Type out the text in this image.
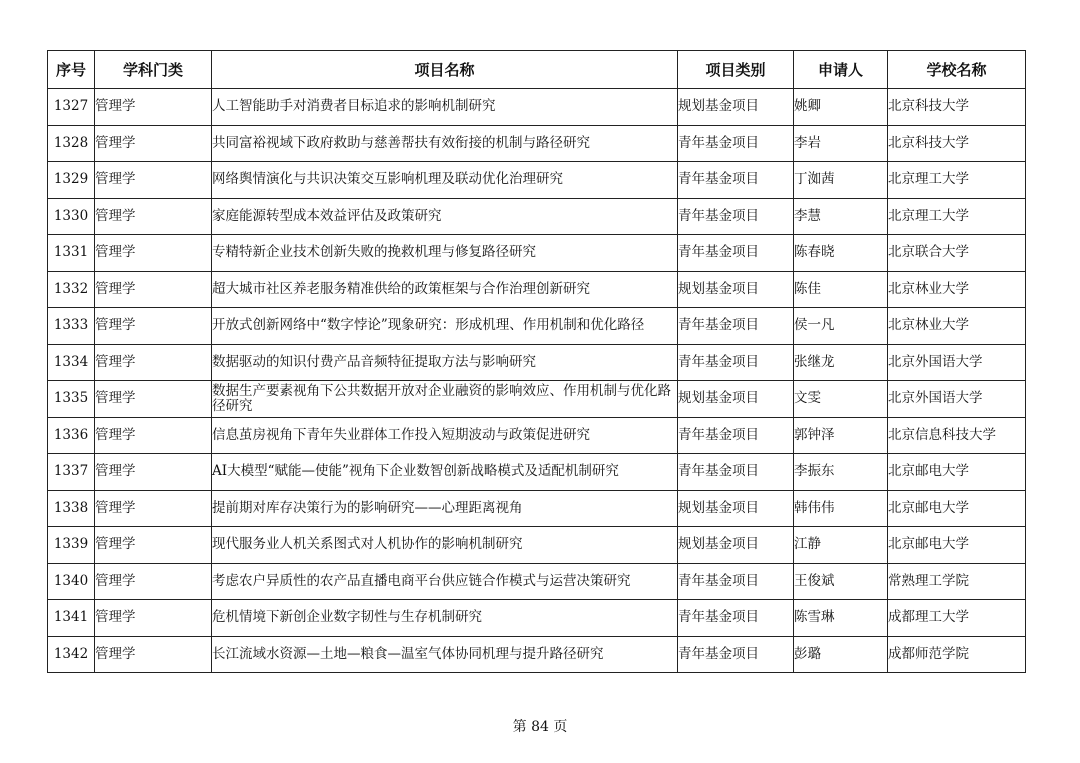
序号	学科门类	项目名称	项目类别	申请人	学校名称
1327	管理学	人工智能助手对消费者目标追求的影响机制研究	规划基金项目	姚卿	北京科技大学
1328	管理学	共同富裕视域下政府救助与慈善帮扶有效衔接的机制与路径研究	青年基金项目	李岩	北京科技大学
1329	管理学	网络舆情演化与共识决策交互影响机理及联动优化治理研究	青年基金项目	丁洳茜	北京理工大学
1330	管理学	家庭能源转型成本效益评估及政策研究	青年基金项目	李慧	北京理工大学
1331	管理学	专精特新企业技术创新失败的挽救机理与修复路径研究	青年基金项目	陈春晓	北京联合大学
1332	管理学	超大城市社区养老服务精准供给的政策框架与合作治理创新研究	规划基金项目	陈佳	北京林业大学
1333	管理学	开放式创新网络中“数字悖论”现象研究：形成机理、作用机制和优化路径	青年基金项目	侯一凡	北京林业大学
1334	管理学	数据驱动的知识付费产品音频特征提取方法与影响研究	青年基金项目	张继龙	北京外国语大学
1335	管理学	数据生产要素视角下公共数据开放对企业融资的影响效应、作用机制与优化路径研究	规划基金项目	文雯	北京外国语大学
1336	管理学	信息茧房视角下青年失业群体工作投入短期波动与政策促进研究	青年基金项目	郭钟泽	北京信息科技大学
1337	管理学	AI大模型“赋能—使能”视角下企业数智创新战略模式及适配机制研究	青年基金项目	李振东	北京邮电大学
1338	管理学	提前期对库存决策行为的影响研究——心理距离视角	规划基金项目	韩伟伟	北京邮电大学
1339	管理学	现代服务业人机关系图式对人机协作的影响机制研究	规划基金项目	江静	北京邮电大学
1340	管理学	考虑农户异质性的农产品直播电商平台供应链合作模式与运营决策研究	青年基金项目	王俊斌	常熟理工学院
1341	管理学	危机情境下新创企业数字韧性与生存机制研究	青年基金项目	陈雪琳	成都理工大学
1342	管理学	长江流域水资源—土地—粮食—温室气体协同机理与提升路径研究	青年基金项目	彭璐	成都师范学院
第 84 页
